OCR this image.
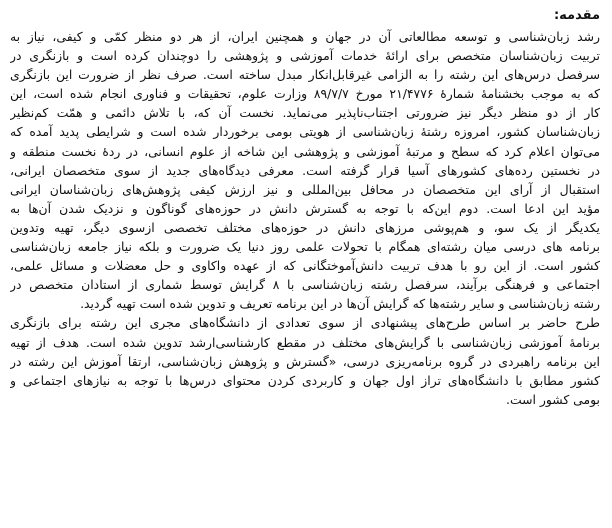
مقدمه:
رشد زبان‌شناسی و توسعه مطالعاتی آن در جهان و همچنین ایران، از هر دو منظر کمّی و کیفی، نیاز به
تربیت زبان‌شناسان متخصص برای ارائهٔ خدمات آموزشی و پژوهشی را دوچندان کرده است و بازنگری در
سرفصل درس‌های این رشته را به الزامی غیرقابل‌انکار مبدل ساخته است. صرف نظر از ضرورت این بازنگری
که به موجب بخشنامهٔ شمارهٔ ۲۱/۴۷۷۶ مورخ ۸۹/۷/۷ وزارت علوم، تحقیقات و فناوری انجام شده است، این
کار از دو منظر دیگر نیز ضرورتی اجتناب‌ناپذیر می‌نماید. نخست آن که، با تلاش دائمی و همّت کم‌نظیر
زبان‌شناسان کشور، امروزه رشتهٔ زبان‌شناسی از هویتی بومی برخوردار شده است و شرایطی پدید آمده که
می‌توان اعلام کرد که سطح و مرتبهٔ آموزشی و پژوهشی این شاخه از علوم انسانی، در ردهٔ نخست منطقه و
در نخستین رده‌های کشورهای آسیا قرار گرفته است. معرفی دیدگاه‌های جدید از سوی متخصصان ایرانی،
استقبال از آرای این متخصصان در محافل بین‌المللی و نیز ارزش کیفی پژوهش‌های زبان‌شناسان ایرانی
مؤید این ادعا است. دوم این‌که با توجه به گسترش دانش در حوزه‌های گوناگون و نزدیک شدن آن‌ها به
یکدیگر از یک سو، و هم‌پوشی مرزهای دانش در حوزه‌های مختلف تخصصی ازسوی دیگر، تهیه وتدوین
برنامه های درسی میان رشته‌ای همگام با تحولات علمی روز دنیا یک ضرورت و بلکه نیاز جامعه زبان‌شناسی
کشور است. از این رو با هدف تربیت دانش‌آموختگانی که از عهده واکاوی و حل معضلات و مسائل علمی،
اجتماعی و فرهنگی برآیند، سرفصل رشته زبان‌شناسی با ۸ گرایش توسط شماری از استادان متخصص در
رشته زبان‌شناسی و سایر رشته‌ها که گرایش آن‌ها در این برنامه تعریف و تدوین شده است تهیه گردید.
طرح حاضر بر اساس طرح‌های پیشنهادی از سوی تعدادی از دانشگاه‌های مجری این رشته برای بازنگری
برنامهٔ آموزشی زبان‌شناسی با گرایش‌های مختلف در مقطع کارشناسی‌ارشد تدوین شده است. هدف از تهیه
این برنامه راهبردی در گروه برنامه‌ریزی درسی، «گسترش و پژوهش زبان‌شناسی، ارتقا آموزش این رشته در
کشور مطابق با دانشگاه‌های تراز اول جهان و کاربردی کردن محتوای درس‌ها با توجه به نیازهای اجتماعی و
بومی کشور است.
